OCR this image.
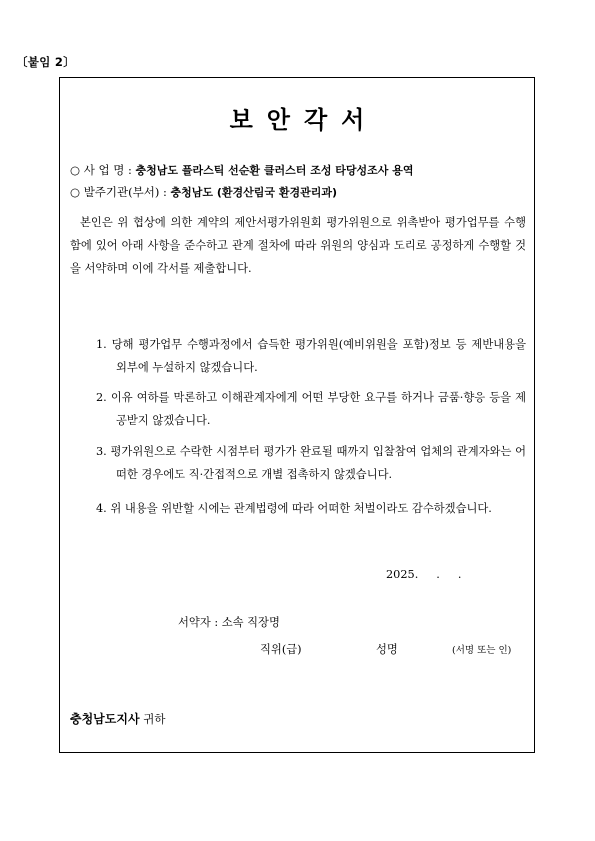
〔붙임 2〕
보안각서
○ 사 업 명 : 충청남도 플라스틱 선순환 클러스터 조성 타당성조사 용역
○ 발주기관(부서) : 충청남도 (환경산림국 환경관리과)
본인은 위 협상에 의한 계약의 제안서평가위원회 평가위원으로 위촉받아 평가업무를 수행함에 있어 아래 사항을 준수하고 관계 절차에 따라 위원의 양심과 도리로 공정하게 수행할 것을 서약하며 이에 각서를 제출합니다.
1. 당해 평가업무 수행과정에서 습득한 평가위원(예비위원을 포함)정보 등 제반내용을 외부에 누설하지 않겠습니다.
2. 이유 여하를 막론하고 이해관계자에게 어떤 부당한 요구를 하거나 금품·향응 등을 제공받지 않겠습니다.
3. 평가위원으로 수락한 시점부터 평가가 완료될 때까지 입찰참여 업체의 관계자와는 어떠한 경우에도 직·간접적으로 개별 접촉하지 않겠습니다.
4. 위 내용을 위반할 시에는 관계법령에 따라 어떠한 처벌이라도 감수하겠습니다.
2025.     .     .
서약자 : 소속 직장명
직위(급)	성명	(서명 또는 인)
충청남도지사 귀하
